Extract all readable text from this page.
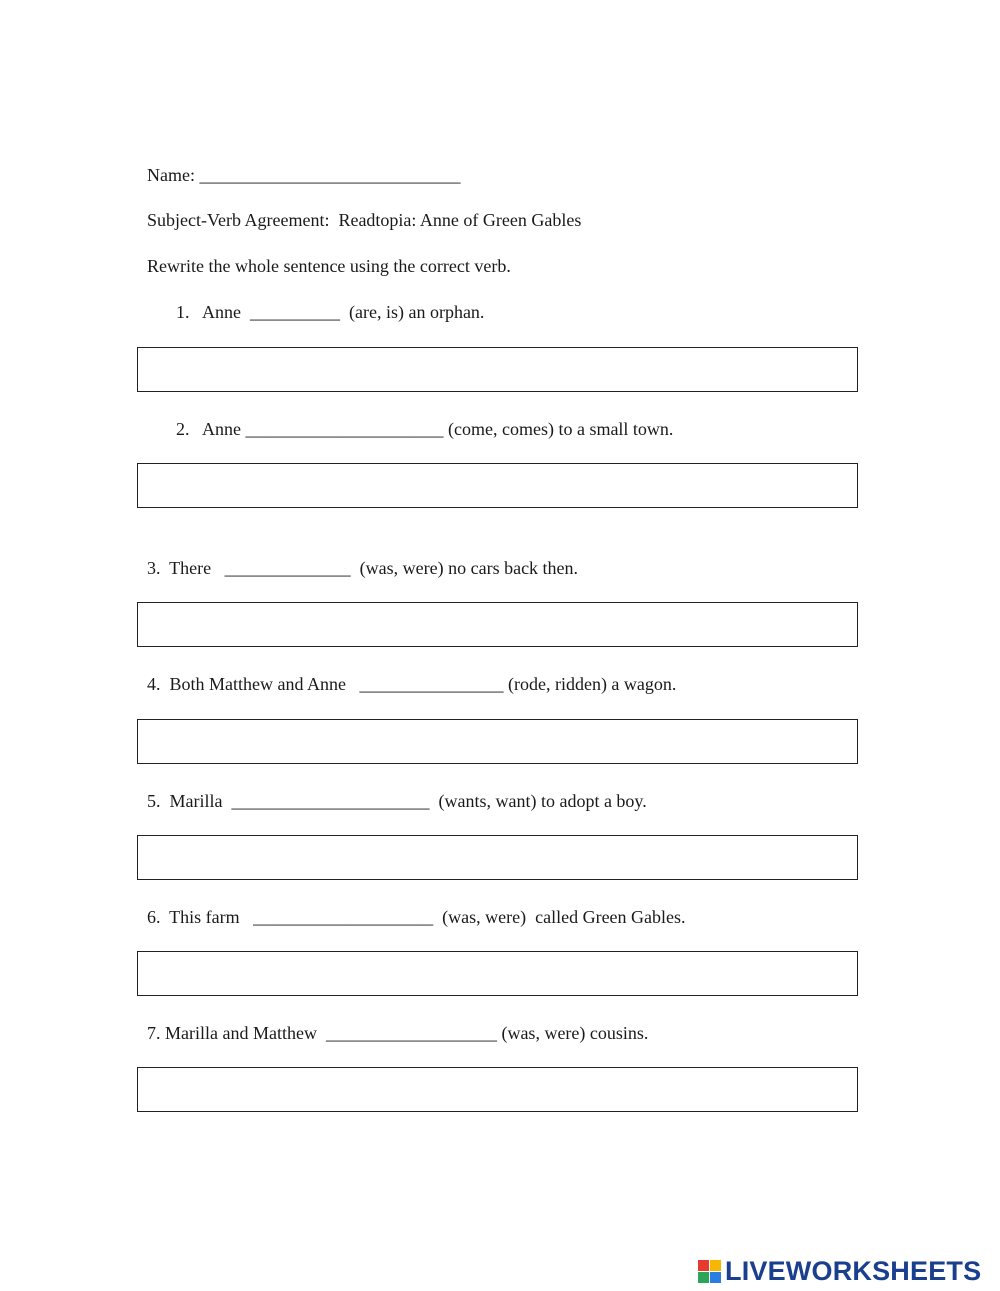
Name: _____________________________
Subject-Verb Agreement:  Readtopia: Anne of Green Gables
Rewrite the whole sentence using the correct verb.
1.   Anne  __________  (are, is) an orphan.
2.   Anne ______________________ (come, comes) to a small town.
3.  There   ______________  (was, were) no cars back then.
4.  Both Matthew and Anne   ________________ (rode, ridden) a wagon.
5.  Marilla  ______________________  (wants, want) to adopt a boy.
6.  This farm   ____________________  (was, were)  called Green Gables.
7. Marilla and Matthew  ___________________ (was, were) cousins.
LIVEWORKSHEETS
